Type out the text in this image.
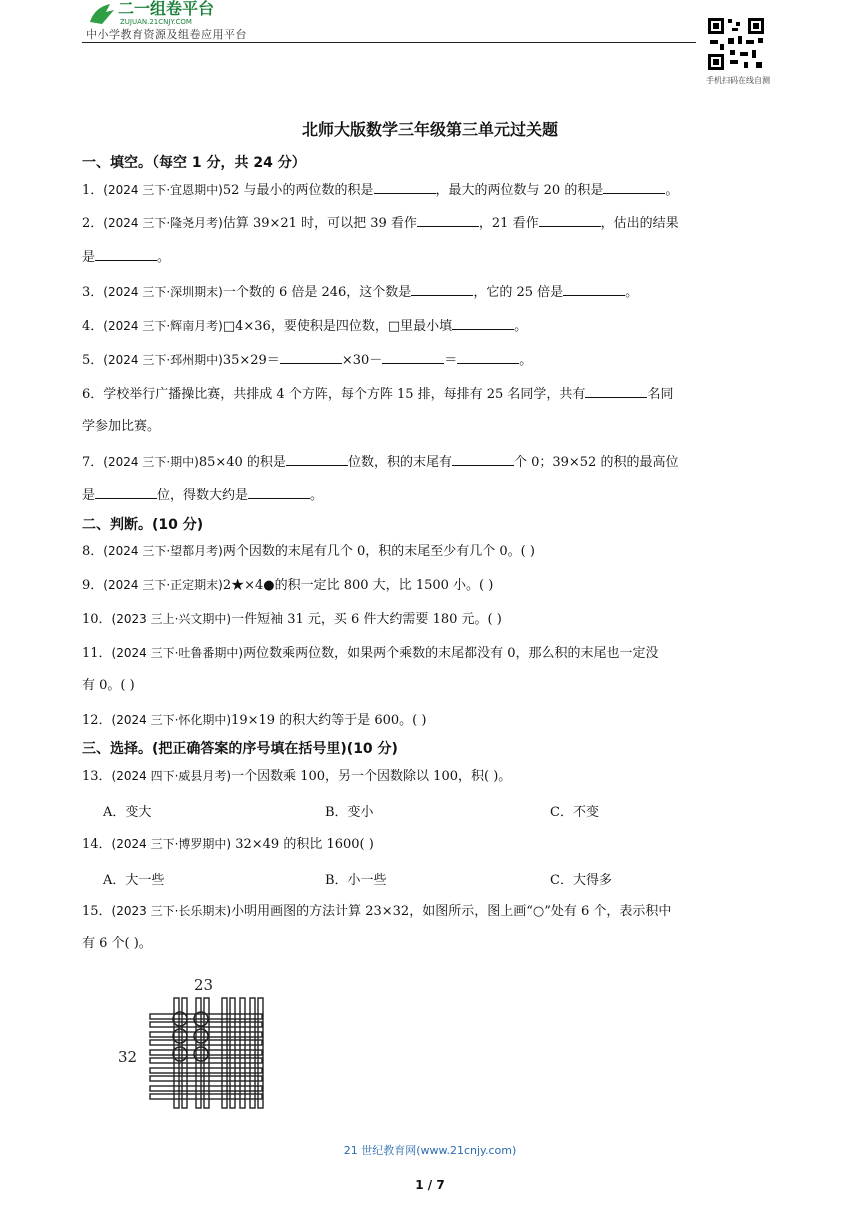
二一组卷平台
ZUJUAN.21CNJY.COM
中小学教育资源及组卷应用平台
手机扫码在线自测
北师大版数学三年级第三单元过关题
一、填空。（每空 1 分，共 24 分）
1．(2024 三下·宜恩期中)52 与最小的两位数的积是	，最大的两位数与 20 的积是	。
2．(2024 三下·隆尧月考)估算 39×21 时，可以把 39 看作	，21 看作	，估出的结果
是	。
3．(2024 三下·深圳期末)一个数的 6 倍是 246，这个数是	，它的 25 倍是	。
4．(2024 三下·辉南月考)□4×36，要使积是四位数，□里最小填	。
5．(2024 三下·邳州期中)35×29＝	×30－	＝	。
6．学校举行广播操比赛，共排成 4 个方阵，每个方阵 15 排，每排有 25 名同学，共有	名同
学参加比赛。
7．(2024 三下·期中)85×40 的积是	位数，积的末尾有	个 0；39×52 的积的最高位
是	位，得数大约是	。
二、判断。(10 分)
8．(2024 三下·望都月考)两个因数的末尾有几个 0，积的末尾至少有几个 0。( )
9．(2024 三下·正定期末)2★×4●的积一定比 800 大，比 1500 小。( )
10．(2023 三上·兴文期中)一件短袖 31 元，买 6 件大约需要 180 元。( )
11．(2024 三下·吐鲁番期中)两位数乘两位数，如果两个乘数的末尾都没有 0，那么积的末尾也一定没
有 0。( )
12．(2024 三下·怀化期中)19×19 的积大约等于是 600。( )
三、选择。(把正确答案的序号填在括号里)(10 分)
13．(2024 四下·威县月考)一个因数乘 100，另一个因数除以 100，积( )。
A．变大	B．变小	C．不变
14．(2024 三下·博罗期中) 32×49 的积比 1600( )
A．大一些	B．小一些	C．大得多
15．(2023 三下·长乐期末)小明用画图的方法计算 23×32，如图所示，图上画“○”处有 6 个，表示积中
有 6 个( )。
23
32
21 世纪教育网(www.21cnjy.com)
1 / 7
